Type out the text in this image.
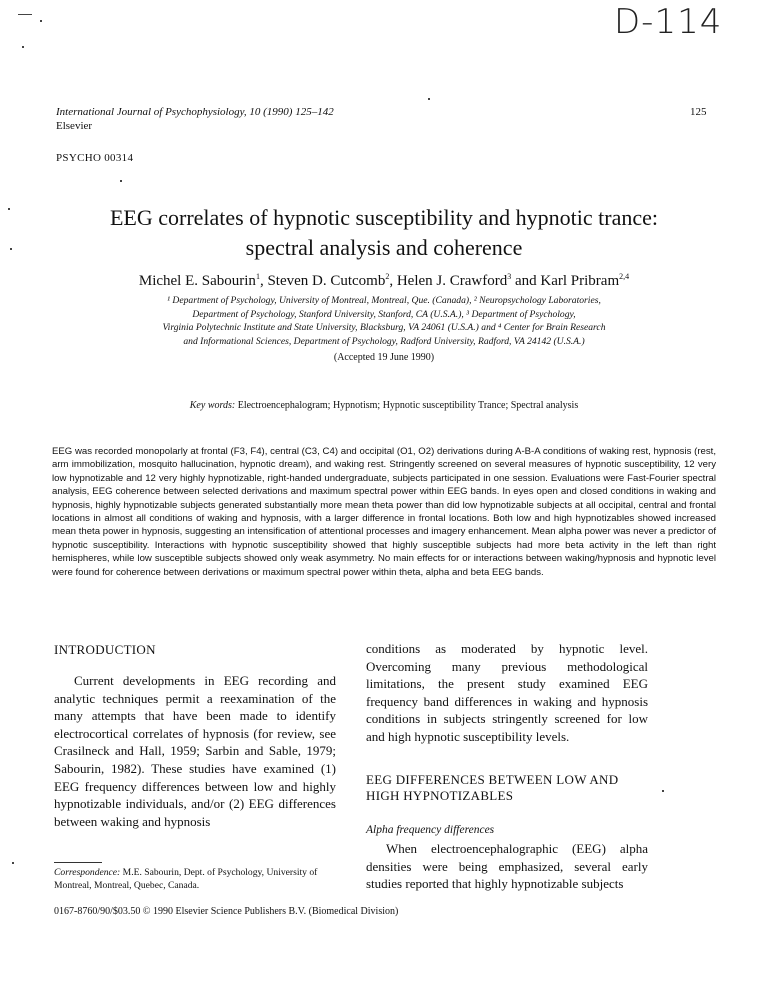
D-114
International Journal of Psychophysiology, 10 (1990) 125–142
Elsevier
125
PSYCHO 00314
EEG correlates of hypnotic susceptibility and hypnotic trance:
spectral analysis and coherence
Michel E. Sabourin$^1$, Steven D. Cutcomb$^2$, Helen J. Crawford$^3$ and Karl Pribram$^{2,4}$
¹ Department of Psychology, University of Montreal, Montreal, Que. (Canada), ² Neuropsychology Laboratories,
Department of Psychology, Stanford University, Stanford, CA (U.S.A.), ³ Department of Psychology,
Virginia Polytechnic Institute and State University, Blacksburg, VA 24061 (U.S.A.) and ⁴ Center for Brain Research
and Informational Sciences, Department of Psychology, Radford University, Radford, VA 24142 (U.S.A.)
(Accepted 19 June 1990)
Key words: Electroencephalogram; Hypnotism; Hypnotic susceptibility Trance; Spectral analysis
EEG was recorded monopolarly at frontal (F3, F4), central (C3, C4) and occipital (O1, O2) derivations during A-B-A conditions of waking rest, hypnosis (rest, arm immobilization, mosquito hallucination, hypnotic dream), and waking rest. Stringently screened on several measures of hypnotic susceptibility, 12 very low hypnotizable and 12 very highly hypnotizable, right-handed undergraduate, subjects participated in one session. Evaluations were Fast-Fourier spectral analysis, EEG coherence between selected derivations and maximum spectral power within EEG bands. In eyes open and closed conditions in waking and hypnosis, highly hypnotizable subjects generated substantially more mean theta power than did low hypnotizable subjects at all occipital, central and frontal locations in almost all conditions of waking and hypnosis, with a larger difference in frontal locations. Both low and high hypnotizables showed increased mean theta power in hypnosis, suggesting an intensification of attentional processes and imagery enhancement. Mean alpha power was never a predictor of hypnotic susceptibility. Interactions with hypnotic susceptibility showed that highly susceptible subjects had more beta activity in the left than right hemispheres, while low susceptible subjects showed only weak asymmetry. No main effects for or interactions between waking/hypnosis and hypnotic level were found for coherence between derivations or maximum spectral power within theta, alpha and beta EEG bands.
INTRODUCTION
Current developments in EEG recording and analytic techniques permit a reexamination of the many attempts that have been made to identify electrocortical correlates of hypnosis (for review, see Crasilneck and Hall, 1959; Sarbin and Sable, 1979; Sabourin, 1982). These studies have examined (1) EEG frequency differences between low and highly hypnotizable individuals, and/or (2) EEG differences between waking and hypnosis
Correspondence: M.E. Sabourin, Dept. of Psychology, University of Montreal, Montreal, Quebec, Canada.
conditions as moderated by hypnotic level. Overcoming many previous methodological limitations, the present study examined EEG frequency band differences in waking and hypnosis conditions in subjects stringently screened for low and high hypnotic susceptibility levels.
EEG DIFFERENCES BETWEEN LOW AND
HIGH HYPNOTIZABLES
Alpha frequency differences
When electroencephalographic (EEG) alpha densities were being emphasized, several early studies reported that highly hypnotizable subjects
0167-8760/90/$03.50 © 1990 Elsevier Science Publishers B.V. (Biomedical Division)
